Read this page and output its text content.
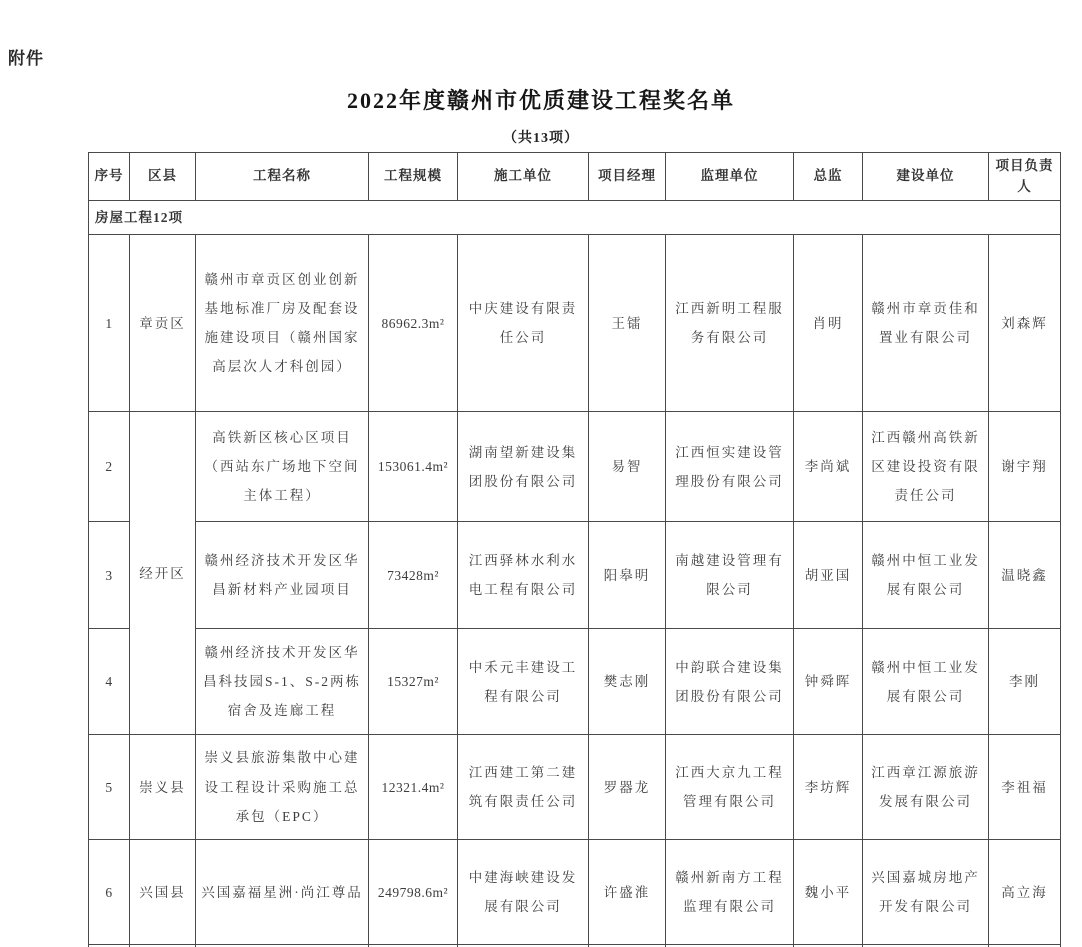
附件
2022年度赣州市优质建设工程奖名单
（共13项）
序号	区县	工程名称	工程规模	施工单位	项目经理	监理单位	总监	建设单位	项目负责人
房屋工程12项									
1	章贡区	赣州市章贡区创业创新基地标准厂房及配套设施建设项目（赣州国家高层次人才科创园）	86962.3m²	中庆建设有限责任公司	王镭	江西新明工程服务有限公司	肖明	赣州市章贡佳和置业有限公司	刘森辉
2	经开区	高铁新区核心区项目（西站东广场地下空间主体工程）	153061.4m²	湖南望新建设集团股份有限公司	易智	江西恒实建设管理股份有限公司	李尚斌	江西赣州高铁新区建设投资有限责任公司	谢宇翔
3		赣州经济技术开发区华昌新材料产业园项目	73428m²	江西驿林水利水电工程有限公司	阳皋明	南越建设管理有限公司	胡亚国	赣州中恒工业发展有限公司	温晓鑫
4		赣州经济技术开发区华昌科技园S-1、S-2两栋宿舍及连廊工程	15327m²	中禾元丰建设工程有限公司	樊志刚	中韵联合建设集团股份有限公司	钟舜晖	赣州中恒工业发展有限公司	李刚
5	崇义县	崇义县旅游集散中心建设工程设计采购施工总承包（EPC）	12321.4m²	江西建工第二建筑有限责任公司	罗器龙	江西大京九工程管理有限公司	李坊辉	江西章江源旅游发展有限公司	李祖福
6	兴国县	兴国嘉福星洲·尚江尊品	249798.6m²	中建海峡建设发展有限公司	许盛淮	赣州新南方工程监理有限公司	魏小平	兴国嘉城房地产开发有限公司	高立海
